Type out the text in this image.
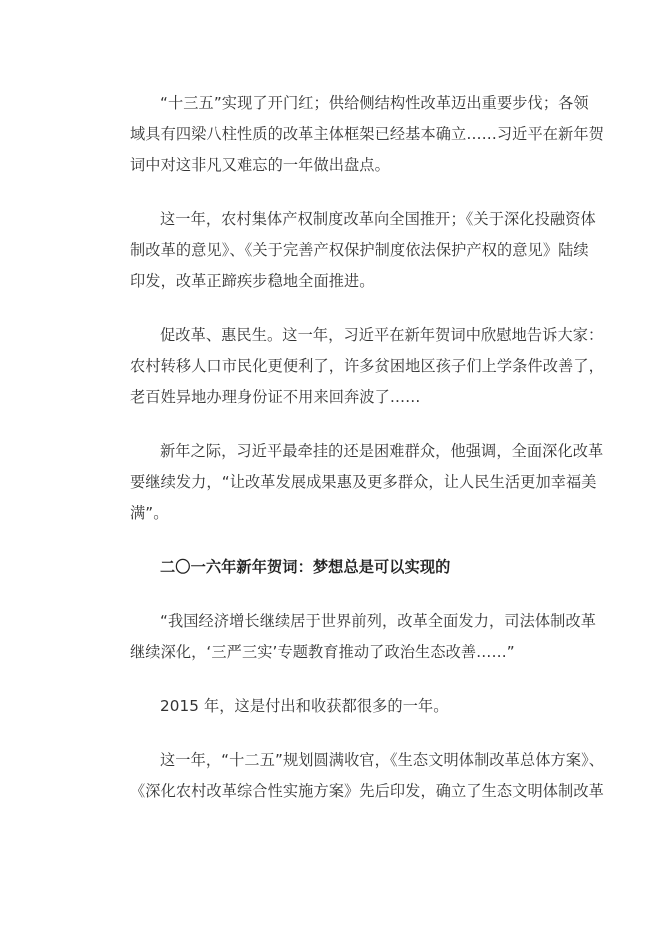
“十三五”实现了开门红；供给侧结构性改革迈出重要步伐；各领
域具有四梁八柱性质的改革主体框架已经基本确立……习近平在新年贺
词中对这非凡又难忘的一年做出盘点。

这一年，农村集体产权制度改革向全国推开；《关于深化投融资体
制改革的意见》、《关于完善产权保护制度依法保护产权的意见》陆续
印发，改革正蹄疾步稳地全面推进。

促改革、惠民生。这一年，习近平在新年贺词中欣慰地告诉大家：
农村转移人口市民化更便利了，许多贫困地区孩子们上学条件改善了，
老百姓异地办理身份证不用来回奔波了……

新年之际，习近平最牵挂的还是困难群众，他强调，全面深化改革
要继续发力，“让改革发展成果惠及更多群众，让人民生活更加幸福美
满”。

二〇一六年新年贺词：梦想总是可以实现的

“我国经济增长继续居于世界前列，改革全面发力，司法体制改革
继续深化，‘三严三实’专题教育推动了政治生态改善……”

2015 年，这是付出和收获都很多的一年。

这一年，“十二五”规划圆满收官，《生态文明体制改革总体方案》、
《深化农村改革综合性实施方案》先后印发，确立了生态文明体制改革
